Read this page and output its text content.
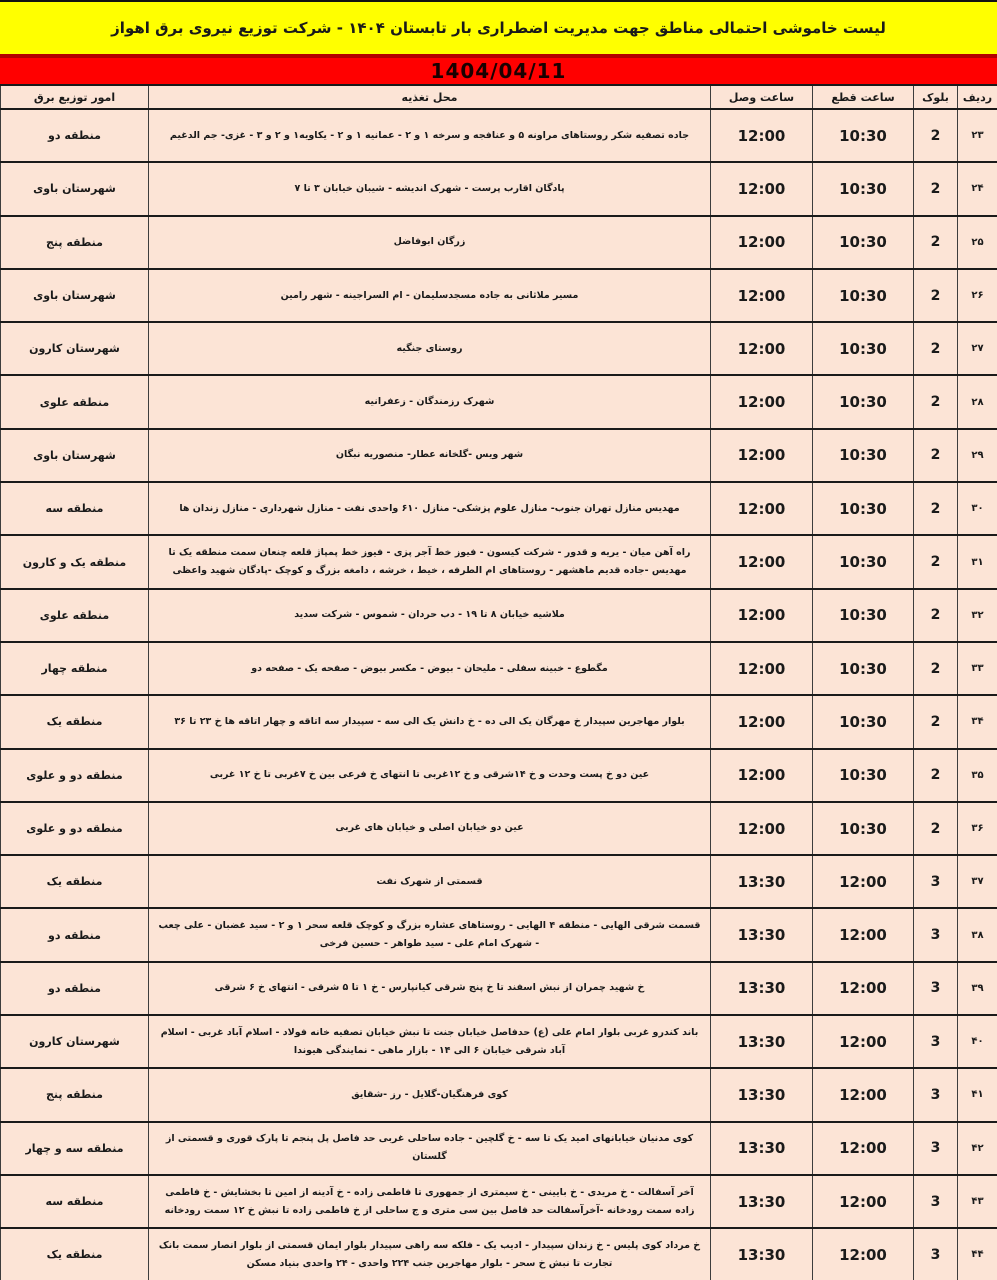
لیست خاموشی احتمالی مناطق جهت مدیریت اضطراری بار تابستان ۱۴۰۴ - شرکت توزیع نیروی برق اهواز
1404/04/11
ردیف	بلوک	ساعت قطع	ساعت وصل	محل تغذیه	امور توزیع برق
۲۳	2	10:30	12:00	جاده تصفیه شکر روستاهای مراونه ۵ و عنافجه و سرخه ۱ و ۲ - عمانیه ۱ و ۲ - یکاویه۱ و ۲ و ۳ - غزی- جم الدغیم	منطقه دو
۲۴	2	10:30	12:00	پادگان اقارب پرست - شهرک اندیشه - شیبان خیابان ۳ تا ۷	شهرستان باوی
۲۵	2	10:30	12:00	زرگان ابوفاضل	منطقه پنج
۲۶	2	10:30	12:00	مسیر ملاثانی به جاده مسجدسلیمان - ام السراجینه - شهر رامین	شهرستان باوی
۲۷	2	10:30	12:00	روستای جنگیه	شهرستان کارون
۲۸	2	10:30	12:00	شهرک رزمندگان - زعفرانیه	منطقه علوی
۲۹	2	10:30	12:00	شهر ویس -گلخانه عطار- منصوریه نبگان	شهرستان باوی
۳۰	2	10:30	12:00	مهدیس منازل تهران جنوب- منازل علوم پزشکی- منازل ۶۱۰ واحدی نفت - منازل شهرداری - منازل زندان ها	منطقه سه
۳۱	2	10:30	12:00	راه آهن میان - یریه و قدور - شرکت کیسون - فیوز خط آجر پزی - فیوز خط پمپاژ قلعه چنعان سمت منطقه یک تا مهدیس -جاده قدیم ماهشهر - روستاهای ام الطرفه ، خیط ، خرشه ، دامغه بزرگ و کوچک -پادگان شهید واعظی	منطقه یک و کارون
۳۲	2	10:30	12:00	ملاشیه خیابان ۸ تا ۱۹ - دب حردان - شموس - شرکت سدید	منطقه علوی
۳۳	2	10:30	12:00	مگطوع - خبینه سفلی - ملیحان - بیوض - مکسر بیوض - صفحه یک - صفحه دو	منطقه چهار
۳۴	2	10:30	12:00	بلوار مهاجرین سپیدار خ مهرگان یک الی ده - خ دانش یک الی سه - سپیدار سه اتاقه و چهار اتاقه ها خ ۲۳ تا ۳۶	منطقه یک
۳۵	2	10:30	12:00	عین دو خ پست وحدت و خ ۱۴شرقی و خ ۱۲غربی تا انتهای خ فرعی بین خ ۷غربی تا خ ۱۲ غربی	منطقه دو و علوی
۳۶	2	10:30	12:00	عین دو خیابان اصلی و خیابان های غربی	منطقه دو و علوی
۳۷	3	12:00	13:30	قسمتی از شهرک نفت	منطقه یک
۳۸	3	12:00	13:30	قسمت شرقی الهایی - منطقه ۴ الهایی - روستاهای عشاره بزرگ و کوچک قلعه سحر ۱ و ۲ - سید غضبان - علی چعب - شهرک امام علی - سید طواهر - حسین فرخی	منطقه دو
۳۹	3	12:00	13:30	خ شهید چمران از نبش اسفند تا خ پنج شرقی کیانپارس - خ ۱ تا ۵ شرقی - انتهای خ ۶ شرقی	منطقه دو
۴۰	3	12:00	13:30	باند کندرو غربی بلوار امام علی (ع) حدفاصل خیابان جنت تا نبش خیابان تصفیه خانه فولاد - اسلام آباد غربی - اسلام آباد شرقی خیابان ۶ الی ۱۴ - بازار ماهی - نمایندگی هیوندا	شهرستان کارون
۴۱	3	12:00	13:30	کوی فرهنگیان-گلایل - رز -شقایق	منطقه پنج
۴۲	3	12:00	13:30	کوی مدنیان خیابانهای امید یک تا سه - خ گلچین - جاده ساحلی غربی حد فاصل پل پنجم تا پارک قوری و قسمتی از گلستان	منطقه سه و چهار
۴۳	3	12:00	13:30	آخر آسفالت - خ مریدی - خ بایینی - خ سیمتری از جمهوری تا فاطمی زاده - خ آدینه از امین تا بخشایش - خ فاطمی زاده سمت رودخانه -آخرآسفالت حد فاصل بین سی متری و ج ساحلی از خ فاطمی زاده تا نبش خ ۱۲ سمت رودخانه	منطقه سه
۴۴	3	12:00	13:30	خ مرداد کوی پلیس - خ زندان سپیدار - ادیب یک - فلکه سه راهی سپیدار بلوار ایمان قسمتی از بلوار انصار سمت بانک تجارت تا نبش خ سحر - بلوار مهاجرین جنب ۲۲۴ واحدی - ۲۴ واحدی بنیاد مسکن	منطقه یک
